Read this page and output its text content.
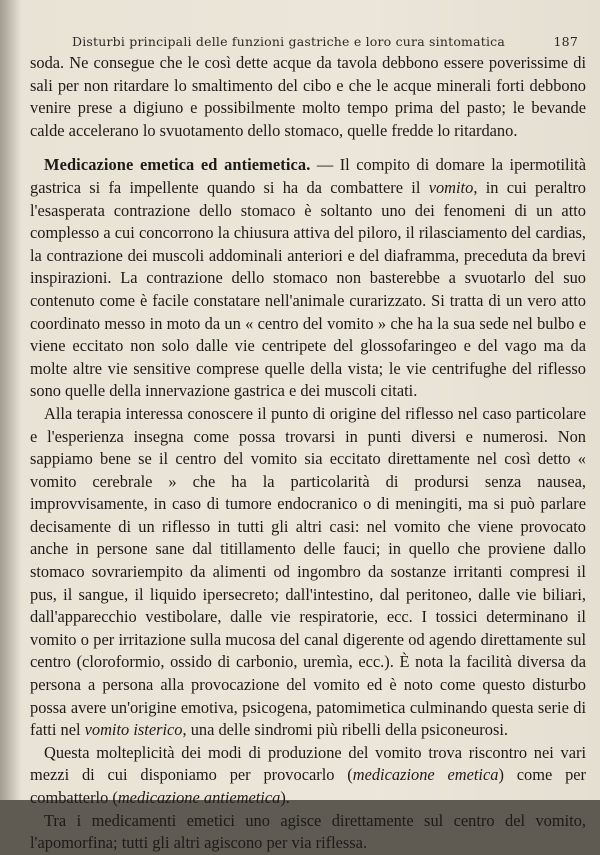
Disturbi principali delle funzioni gastriche e loro cura sintomatica	187

soda. Ne consegue che le così dette acque da tavola debbono essere poverissime di sali per non ritardare lo smaltimento del cibo e che le acque minerali forti debbono venire prese a digiuno e possibilmente molto tempo prima del pasto; le bevande calde accelerano lo svuotamento dello stomaco, quelle fredde lo ritardano.

Medicazione emetica ed antiemetica. — Il compito di domare la ipermotilità gastrica si fa impellente quando si ha da combattere il vomito, in cui peraltro l'esasperata contrazione dello stomaco è soltanto uno dei fenomeni di un atto complesso a cui concorrono la chiusura attiva del piloro, il rilasciamento del cardias, la contrazione dei muscoli addominali anteriori e del diaframma, preceduta da brevi inspirazioni. La contrazione dello stomaco non basterebbe a svuotarlo del suo contenuto come è facile constatare nell'animale curarizzato. Si tratta di un vero atto coordinato messo in moto da un « centro del vomito » che ha la sua sede nel bulbo e viene eccitato non solo dalle vie centripete del glossofaringeo e del vago ma da molte altre vie sensitive comprese quelle della vista; le vie centrifughe del riflesso sono quelle della innervazione gastrica e dei muscoli citati.

Alla terapia interessa conoscere il punto di origine del riflesso nel caso particolare e l'esperienza insegna come possa trovarsi in punti diversi e numerosi. Non sappiamo bene se il centro del vomito sia eccitato direttamente nel così detto « vomito cerebrale » che ha la particolarità di prodursi senza nausea, improvvisamente, in caso di tumore endocranico o di meningiti, ma si può parlare decisamente di un riflesso in tutti gli altri casi: nel vomito che viene provocato anche in persone sane dal titillamento delle fauci; in quello che proviene dallo stomaco sovrariempito da alimenti od ingombro da sostanze irritanti compresi il pus, il sangue, il liquido ipersecreto; dall'intestino, dal peritoneo, dalle vie biliari, dall'apparecchio vestibolare, dalle vie respiratorie, ecc. I tossici determinano il vomito o per irritazione sulla mucosa del canal digerente od agendo direttamente sul centro (cloroformio, ossido di carbonio, uremìa, ecc.). È nota la facilità diversa da persona a persona alla provocazione del vomito ed è noto come questo disturbo possa avere un'origine emotiva, psicogena, patomimetica culminando questa serie di fatti nel vomito isterico, una delle sindromi più ribelli della psiconeurosi.

Questa molteplicità dei modi di produzione del vomito trova riscontro nei vari mezzi di cui disponiamo per provocarlo (medicazione emetica) come per combatterlo (medicazione antiemetica).

Tra i medicamenti emetici uno agisce direttamente sul centro del vomito, l'apomorfina; tutti gli altri agiscono per via riflessa.
